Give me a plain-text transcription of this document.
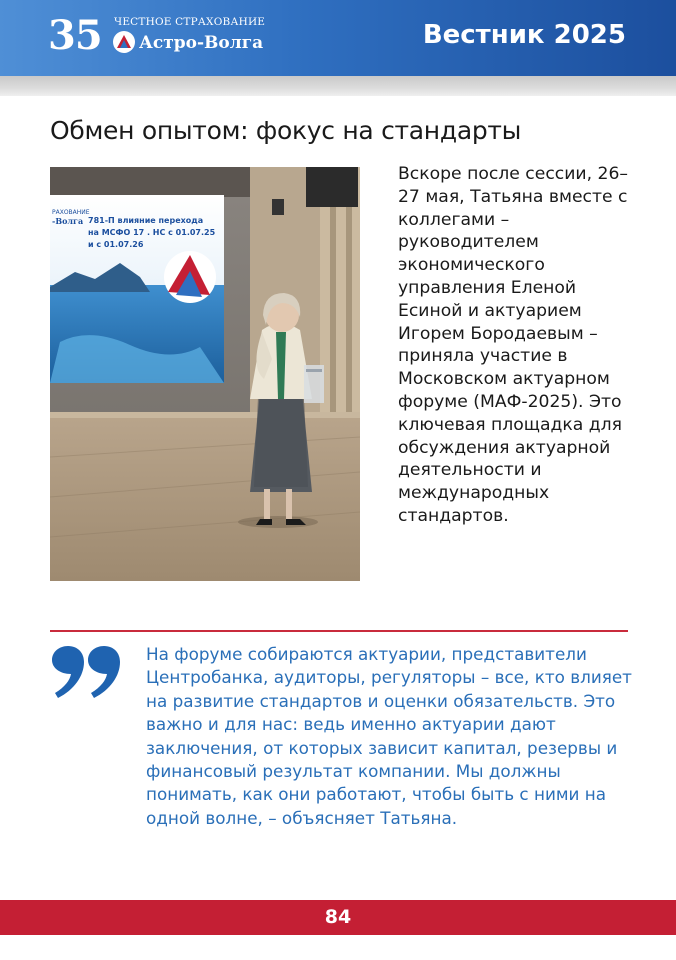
35 ЧЕСТНОЕ СТРАХОВАНИЕ
Астро-Волга	Вестник 2025
Обмен опытом: фокус на стандарты
РАХОВАНИЕ
-Волга 781-П влияние перехода
на МСФО 17 . НС с 01.07.25
и с 01.07.26

Вскоре после сессии, 26–27 мая, Татьяна вместе с коллегами – руководителем экономического управления Еленой Есиной и актуарием Игорем Бородаевым – приняла участие в Московском актуарном форуме (МАФ-2025). Это ключевая площадка для обсуждения актуарной деятельности и международных стандартов.

На форуме собираются актуарии, представители Центробанка, аудиторы, регуляторы – все, кто влияет на развитие стандартов и оценки обязательств. Это важно и для нас: ведь именно актуарии дают заключения, от которых зависит капитал, резервы и финансовый результат компании. Мы должны понимать, как они работают, чтобы быть с ними на одной волне, – объясняет Татьяна.

84
